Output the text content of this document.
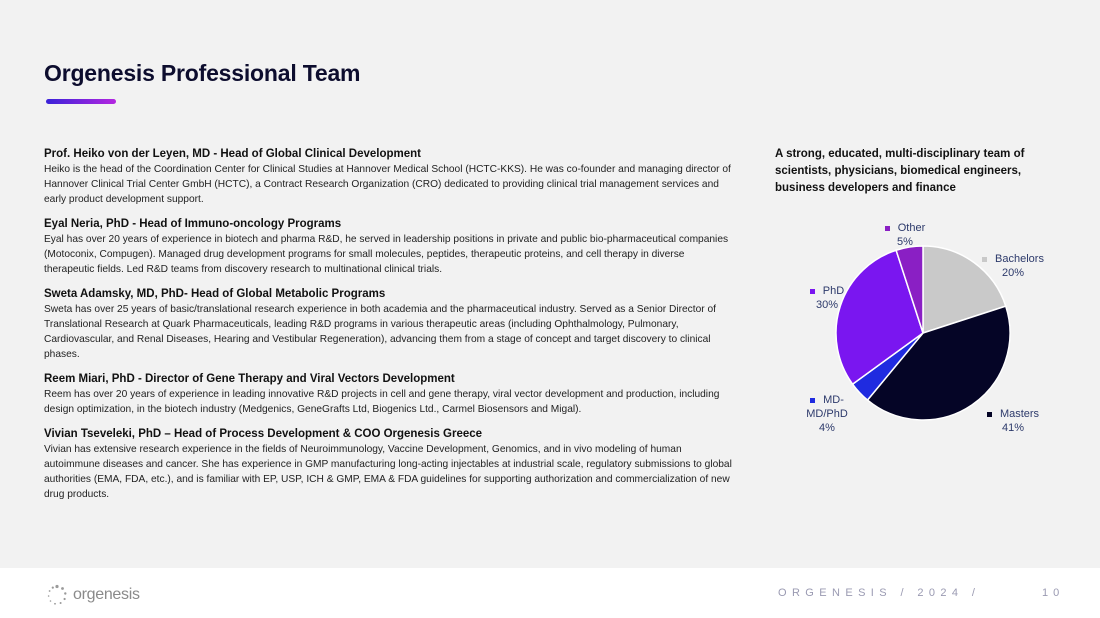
Orgenesis Professional Team
Prof. Heiko von der Leyen, MD - Head of Global Clinical Development
Heiko is the head of the Coordination Center for Clinical Studies at Hannover Medical School (HCTC-KKS). He was co-founder and managing director of Hannover Clinical Trial Center GmbH (HCTC), a Contract Research Organization (CRO) dedicated to providing clinical trial management services and early product development support.
Eyal Neria, PhD - Head of Immuno-oncology Programs
Eyal has over 20 years of experience in biotech and pharma R&D, he served in leadership positions in private and public bio-pharmaceutical companies (Motoconix, Compugen). Managed drug development programs for small molecules, peptides, therapeutic proteins, and cell therapy in diverse therapeutic fields. Led R&D teams from discovery research to multinational clinical trials.
Sweta Adamsky, MD, PhD- Head of Global Metabolic Programs
Sweta has over 25 years of basic/translational research experience in both academia and the pharmaceutical industry. Served as a Senior Director of Translational Research at Quark Pharmaceuticals, leading R&D programs in various therapeutic areas (including Ophthalmology, Pulmonary, Cardiovascular, and Renal Diseases, Hearing and Vestibular Regeneration), advancing them from a stage of concept and target discovery to clinical phases.
Reem Miari, PhD - Director of Gene Therapy and Viral Vectors Development
Reem has over 20 years of experience in leading innovative R&D projects in cell and gene therapy, viral vector development and production, including design optimization, in the biotech industry (Medgenics, GeneGrafts Ltd, Biogenics Ltd., Carmel Biosensors and Migal).
Vivian Tseveleki, PhD – Head of Process Development & COO Orgenesis Greece
Vivian has extensive research experience in the fields of Neuroimmunology, Vaccine Development, Genomics, and in vivo modeling of human autoimmune diseases and cancer. She has experience in GMP manufacturing long-acting injectables at industrial scale, regulatory submissions to global authorities (EMA, FDA, etc.), and is familiar with EP, USP, ICH & GMP, EMA & FDA guidelines for supporting authorization and commercialization of new drug products.
A strong, educated, multi-disciplinary team of scientists, physicians, biomedical engineers, business developers and finance
Bachelors
20%
Masters
41%
MD-
MD/PhD
4%
PhD
30%
Other
5%
orgenesis	ORGENESIS / 2024 /	10
